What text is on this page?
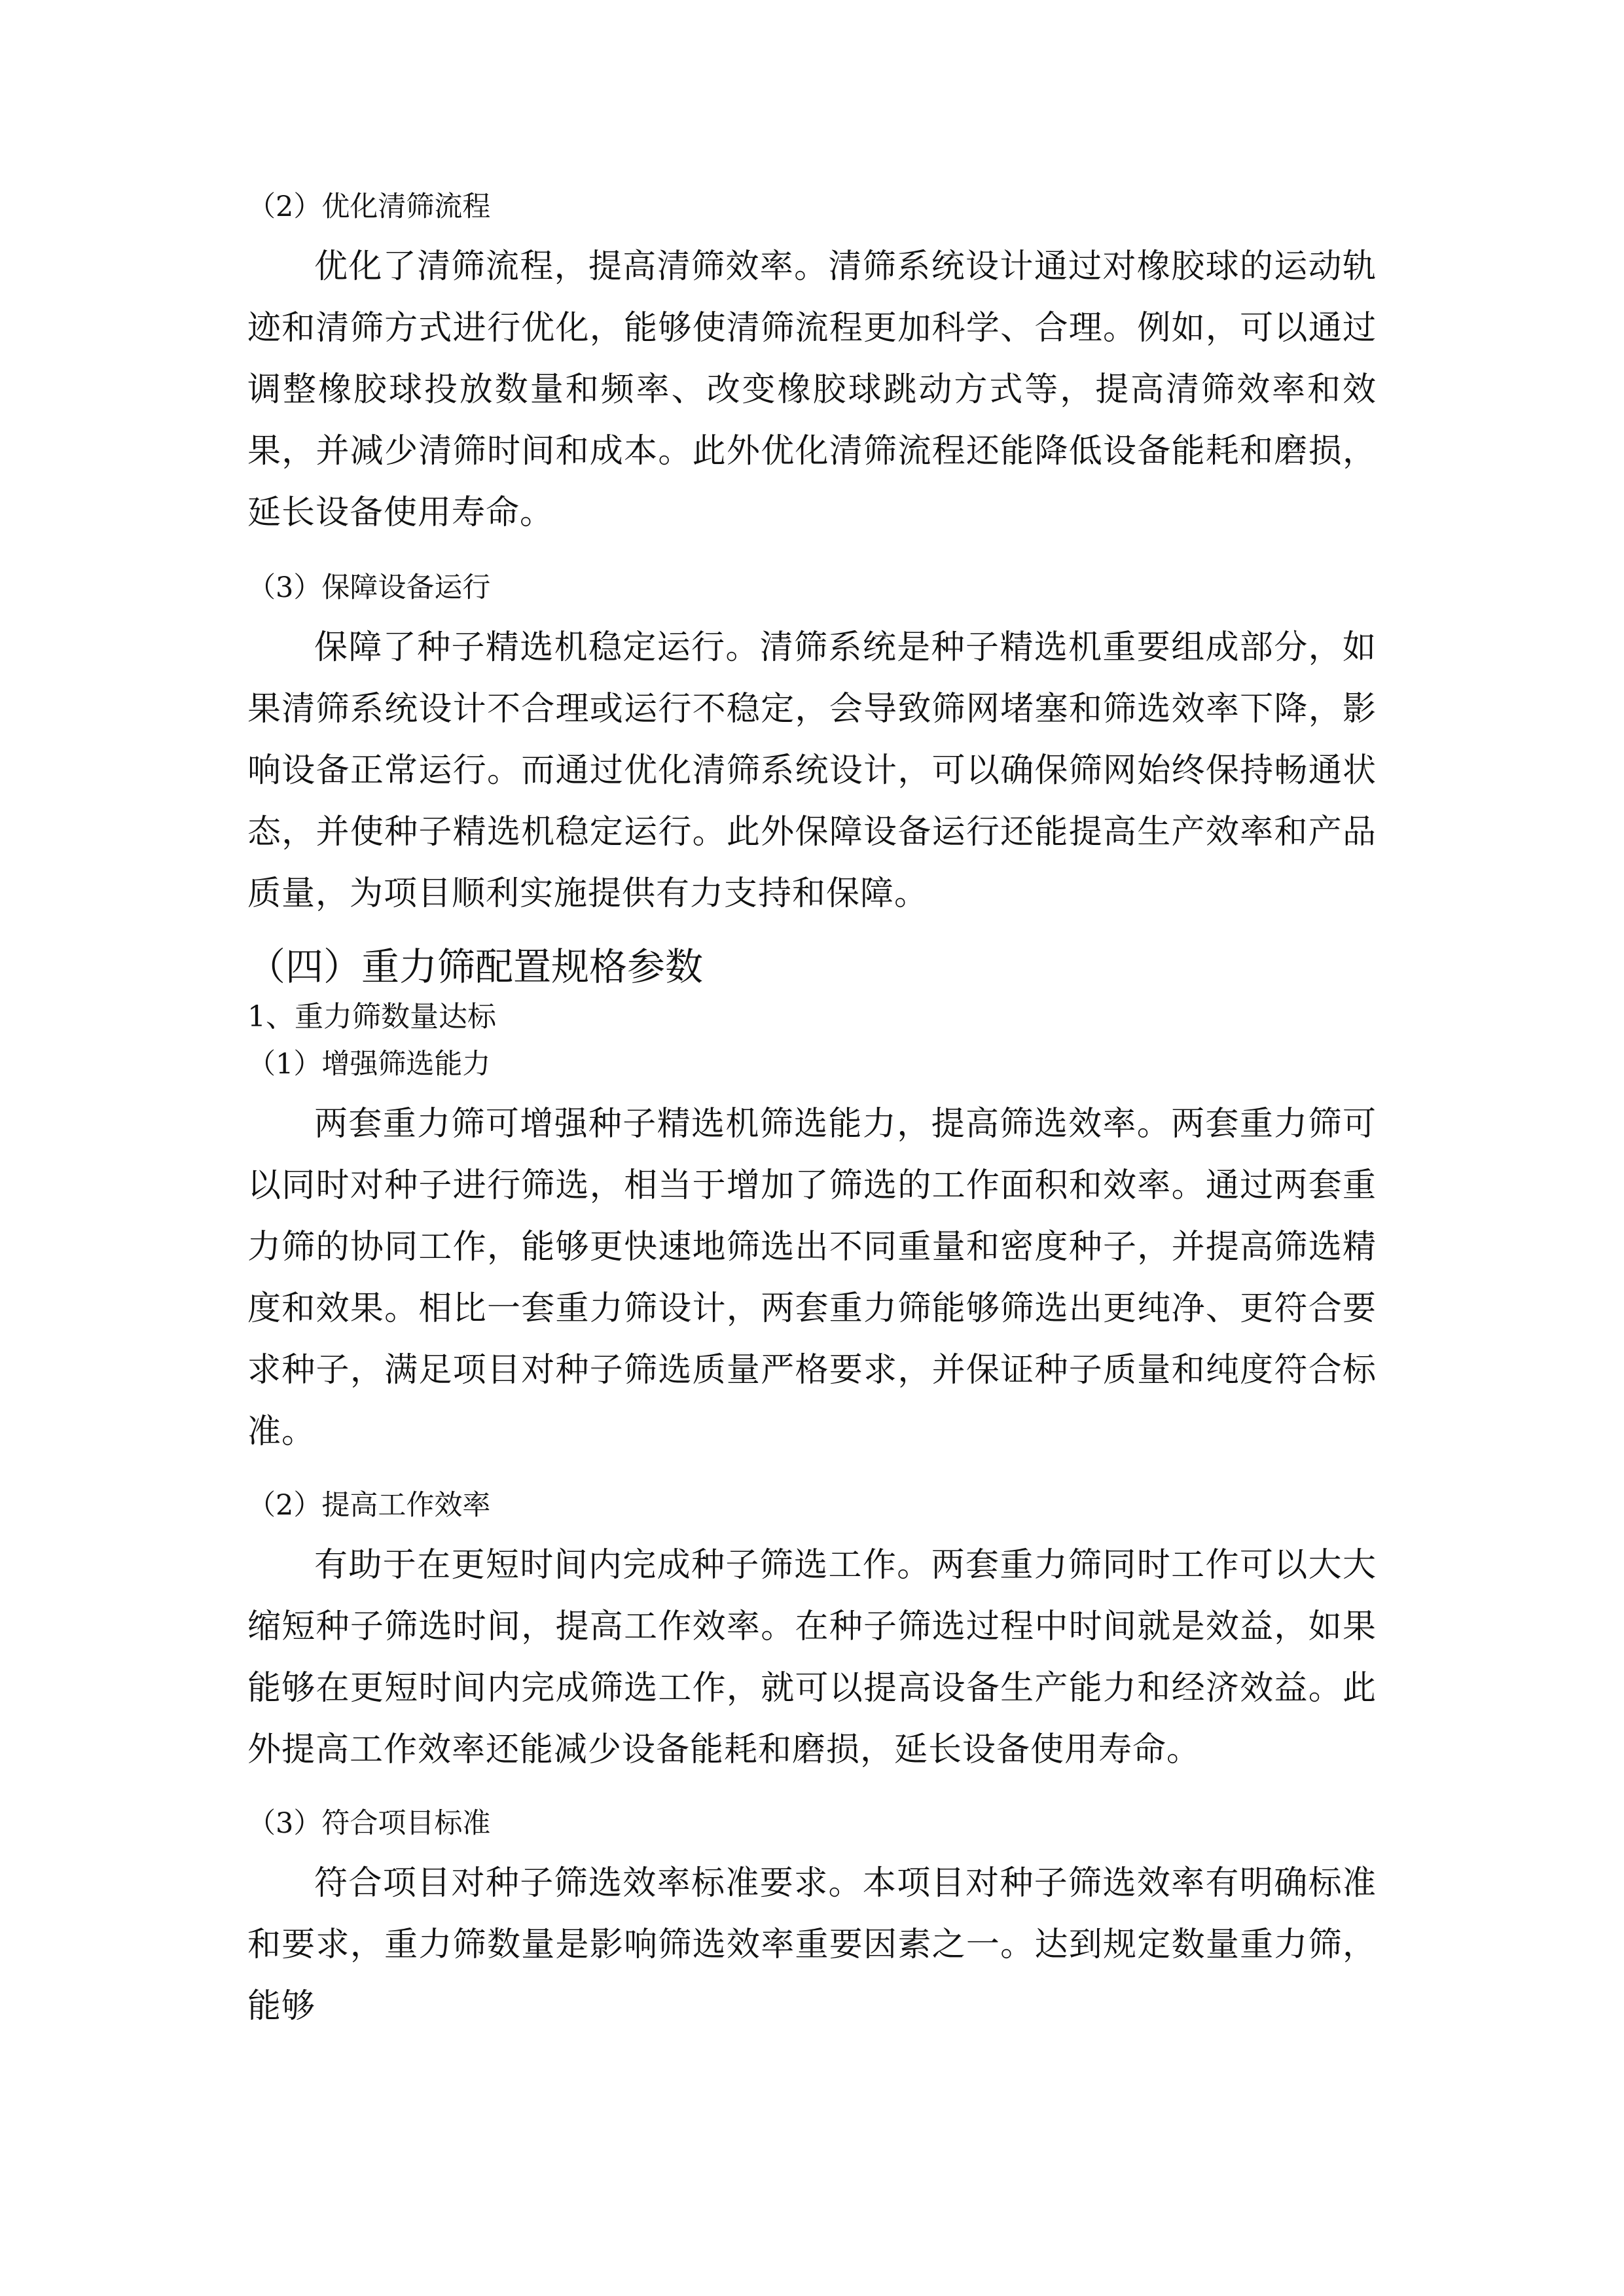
（2）优化清筛流程

优化了清筛流程，提高清筛效率。清筛系统设计通过对橡胶球的运动轨迹和清筛方式进行优化，能够使清筛流程更加科学、合理。例如，可以通过调整橡胶球投放数量和频率、改变橡胶球跳动方式等，提高清筛效率和效果，并减少清筛时间和成本。此外优化清筛流程还能降低设备能耗和磨损，延长设备使用寿命。

（3）保障设备运行

保障了种子精选机稳定运行。清筛系统是种子精选机重要组成部分，如果清筛系统设计不合理或运行不稳定，会导致筛网堵塞和筛选效率下降，影响设备正常运行。而通过优化清筛系统设计，可以确保筛网始终保持畅通状态，并使种子精选机稳定运行。此外保障设备运行还能提高生产效率和产品质量，为项目顺利实施提供有力支持和保障。

（四）重力筛配置规格参数

1、重力筛数量达标

（1）增强筛选能力

两套重力筛可增强种子精选机筛选能力，提高筛选效率。两套重力筛可以同时对种子进行筛选，相当于增加了筛选的工作面积和效率。通过两套重力筛的协同工作，能够更快速地筛选出不同重量和密度种子，并提高筛选精度和效果。相比一套重力筛设计，两套重力筛能够筛选出更纯净、更符合要求种子，满足项目对种子筛选质量严格要求，并保证种子质量和纯度符合标准。

（2）提高工作效率

有助于在更短时间内完成种子筛选工作。两套重力筛同时工作可以大大缩短种子筛选时间，提高工作效率。在种子筛选过程中时间就是效益，如果能够在更短时间内完成筛选工作，就可以提高设备生产能力和经济效益。此外提高工作效率还能减少设备能耗和磨损，延长设备使用寿命。

（3）符合项目标准

符合项目对种子筛选效率标准要求。本项目对种子筛选效率有明确标准和要求，重力筛数量是影响筛选效率重要因素之一。达到规定数量重力筛，能够
